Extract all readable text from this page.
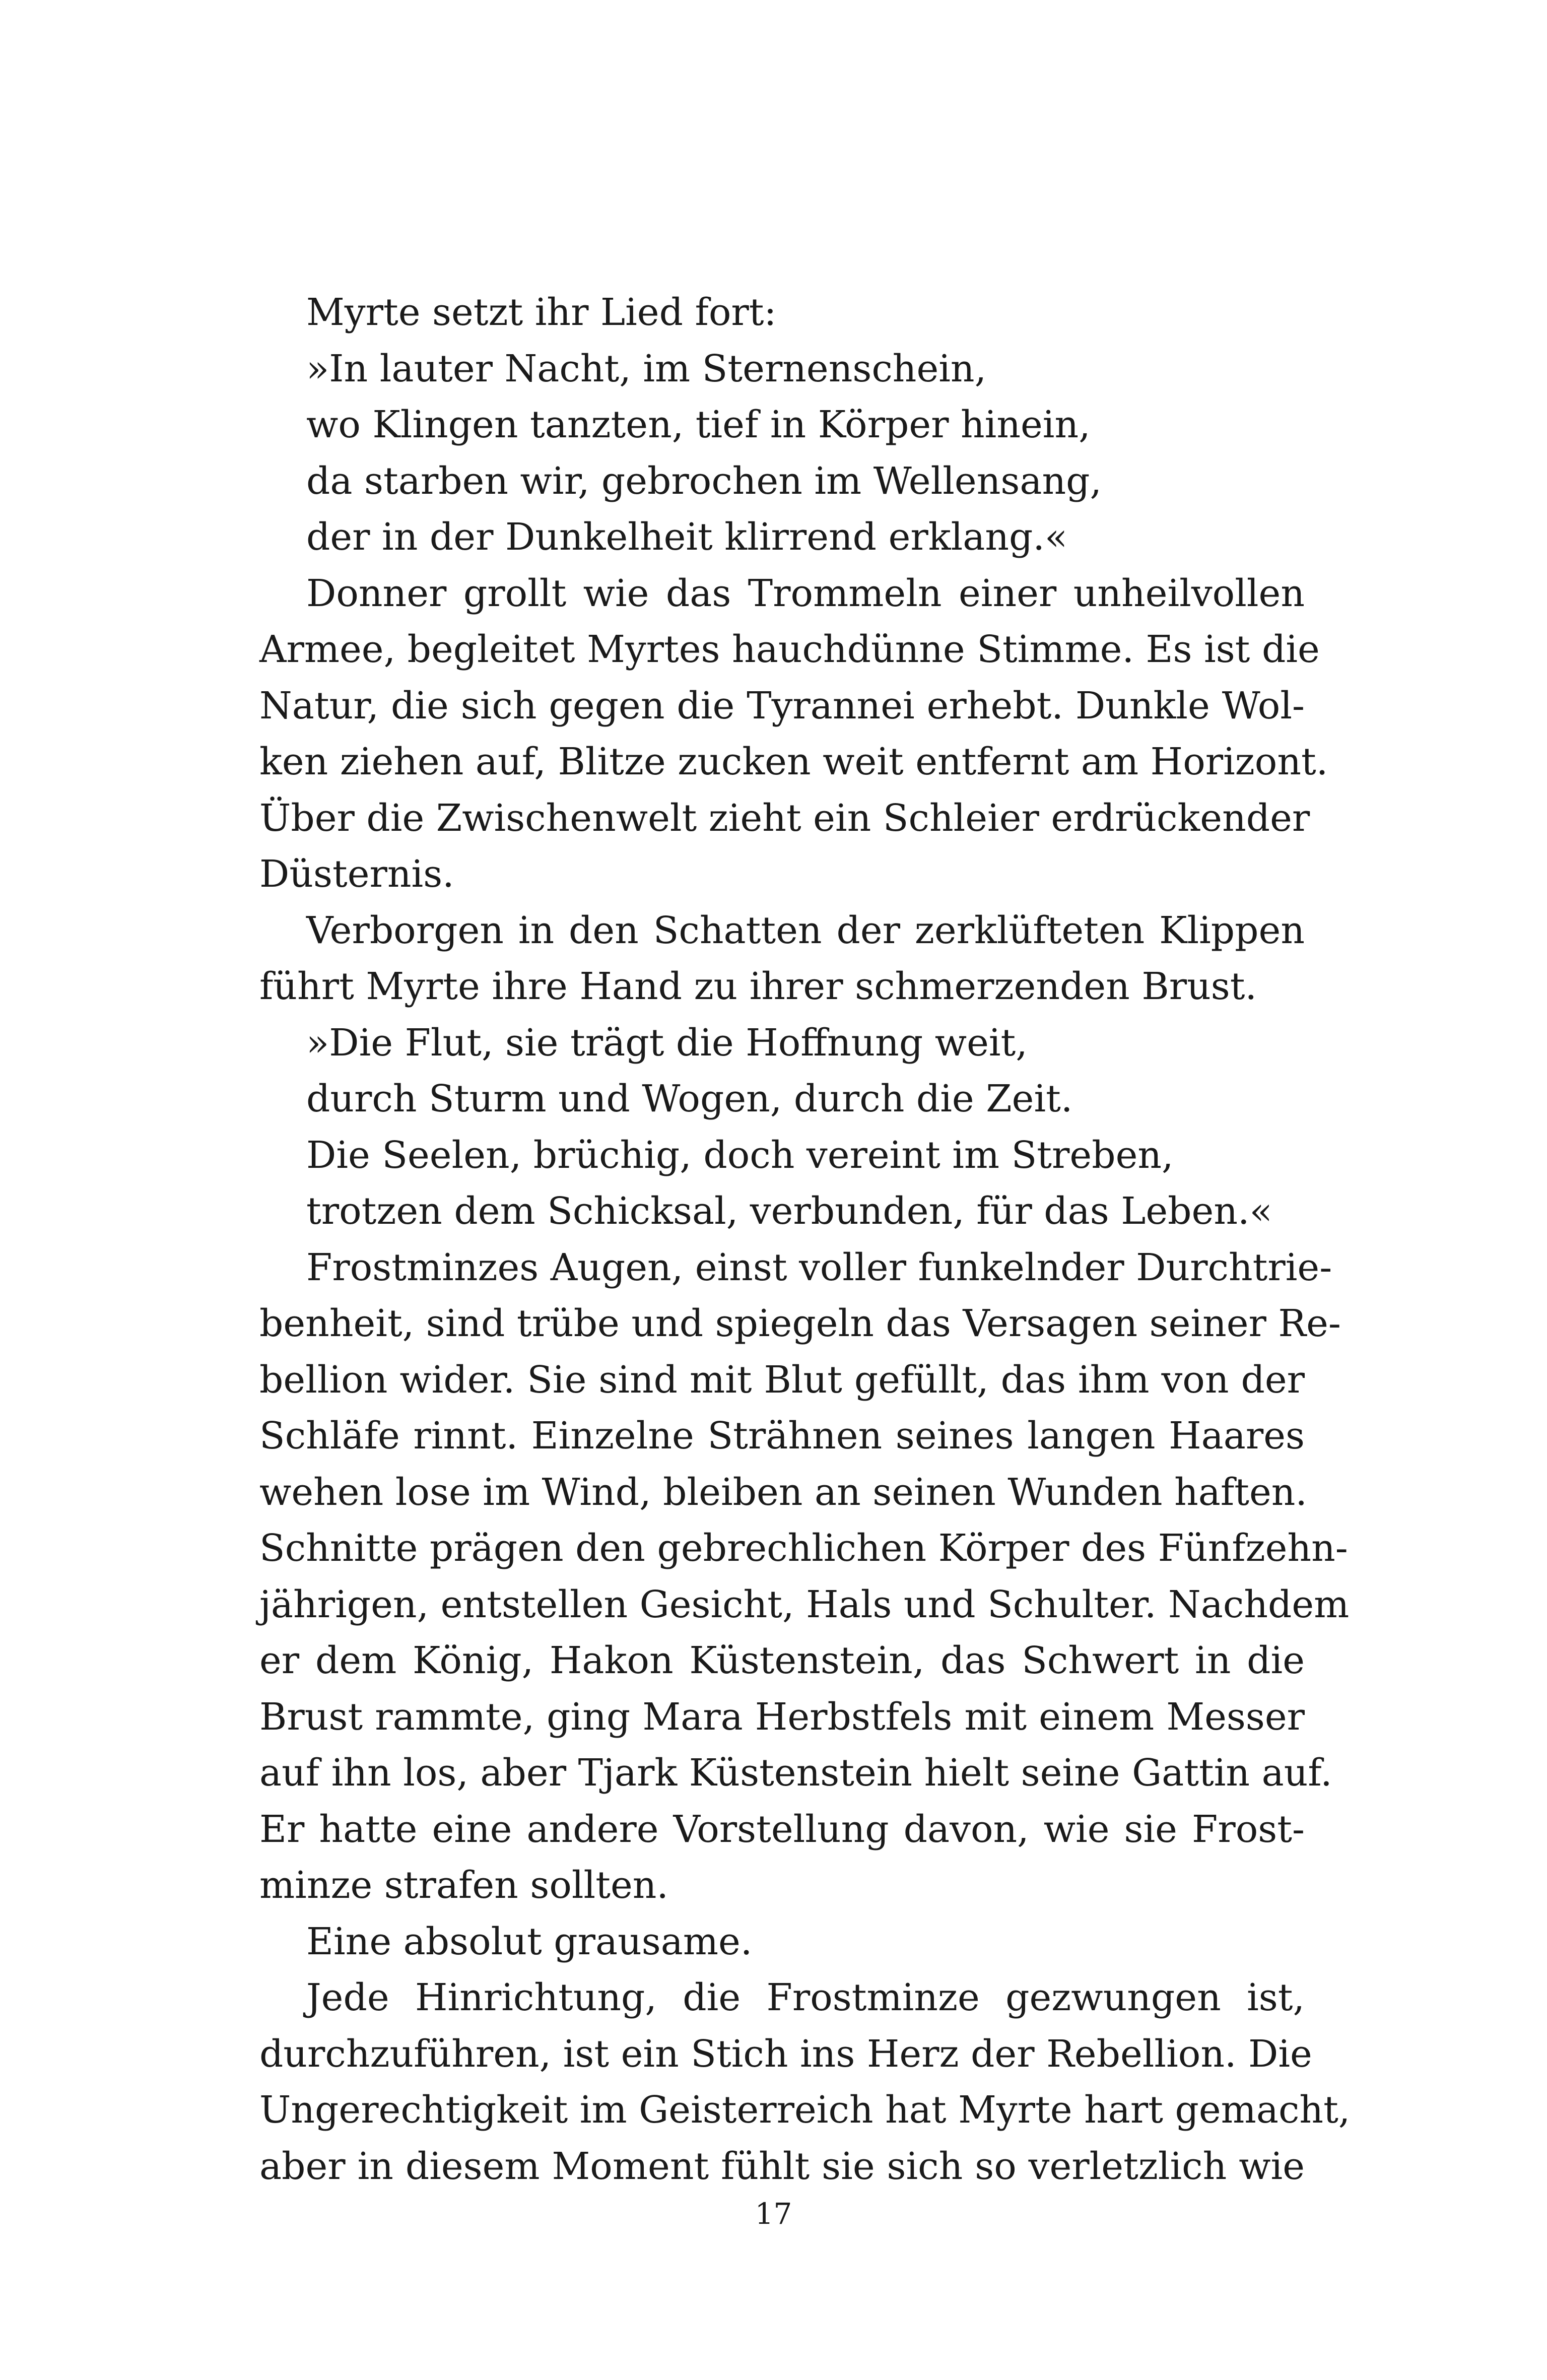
Myrte setzt ihr Lied fort:
»In lauter Nacht, im Sternenschein,
wo Klingen tanzten, tief in Körper hinein,
da starben wir, gebrochen im Wellensang,
der in der Dunkelheit klirrend erklang.«
Donner grollt wie das Trommeln einer unheilvollen
Armee, begleitet Myrtes hauchdünne Stimme. Es ist die
Natur, die sich gegen die Tyrannei erhebt. Dunkle Wol-
ken ziehen auf, Blitze zucken weit entfernt am Horizont.
Über die Zwischenwelt zieht ein Schleier erdrückender
Düsternis.
Verborgen in den Schatten der zerklüfteten Klippen
führt Myrte ihre Hand zu ihrer schmerzenden Brust.
»Die Flut, sie trägt die Hoffnung weit,
durch Sturm und Wogen, durch die Zeit.
Die Seelen, brüchig, doch vereint im Streben,
trotzen dem Schicksal, verbunden, für das Leben.«
Frostminzes Augen, einst voller funkelnder Durchtrie-
benheit, sind trübe und spiegeln das Versagen seiner Re-
bellion wider. Sie sind mit Blut gefüllt, das ihm von der
Schläfe rinnt. Einzelne Strähnen seines langen Haares
wehen lose im Wind, bleiben an seinen Wunden haften.
Schnitte prägen den gebrechlichen Körper des Fünfzehn-
jährigen, entstellen Gesicht, Hals und Schulter. Nachdem
er dem König, Hakon Küstenstein, das Schwert in die
Brust rammte, ging Mara Herbstfels mit einem Messer
auf ihn los, aber Tjark Küstenstein hielt seine Gattin auf.
Er hatte eine andere Vorstellung davon, wie sie Frost-
minze strafen sollten.
Eine absolut grausame.
Jede Hinrichtung, die Frostminze gezwungen ist,
durchzuführen, ist ein Stich ins Herz der Rebellion. Die
Ungerechtigkeit im Geisterreich hat Myrte hart gemacht,
aber in diesem Moment fühlt sie sich so verletzlich wie
17
